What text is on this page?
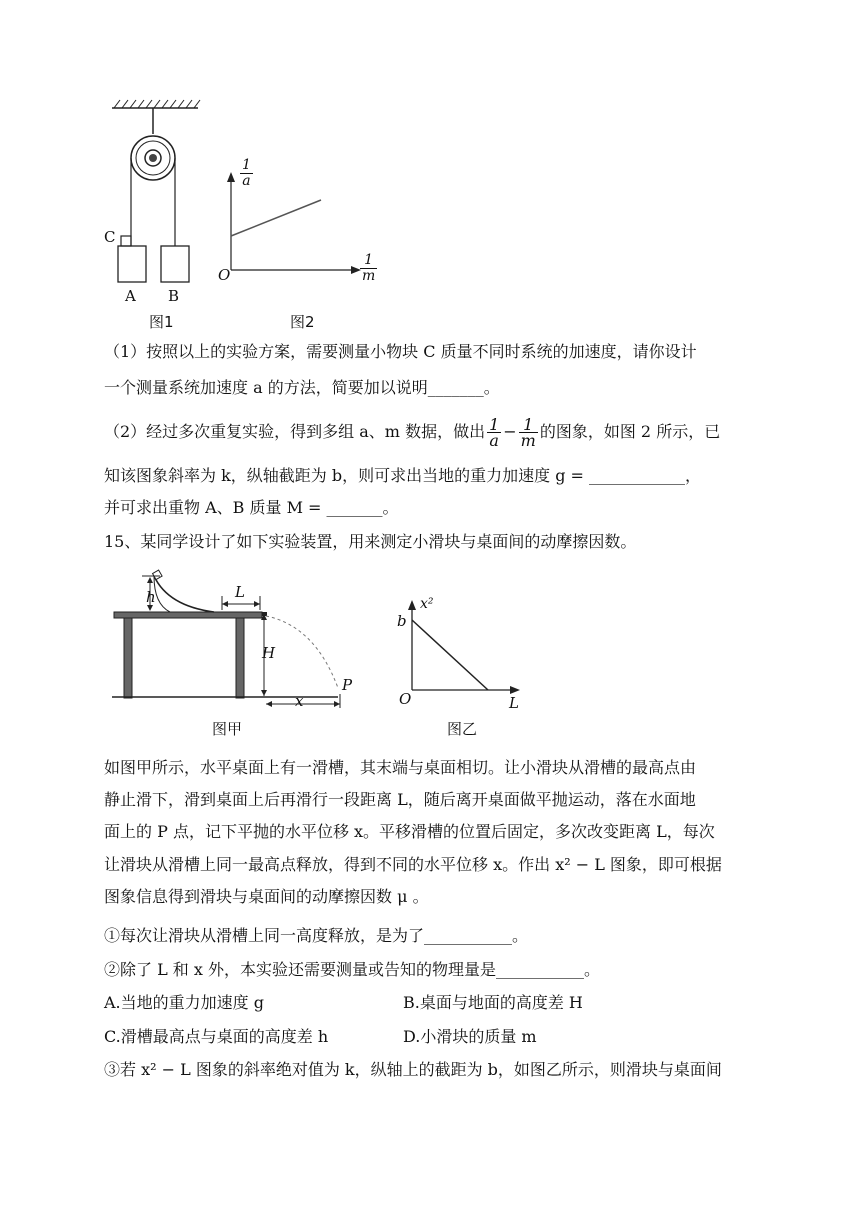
C
A B
图1
$\frac{1}{a}$
$\frac{1}{m}$
O
图2
（1）按照以上的实验方案，需要测量小物块 C 质量不同时系统的加速度，请你设计
一个测量系统加速度 a 的方法，简要加以说明_______。
（2）经过多次重复实验，得到多组 a、m 数据，做出 $\frac{1}{a} - \frac{1}{m}$ 的图象，如图 2 所示，已
知该图象斜率为 k，纵轴截距为 b，则可求出当地的重力加速度 g = ____________，
并可求出重物 A、B 质量 M = _______。
15、某同学设计了如下实验装置，用来测定小滑块与桌面间的动摩擦因数。
h	L
H
x
P
图甲
x²
b
O	L
图乙
如图甲所示，水平桌面上有一滑槽，其末端与桌面相切。让小滑块从滑槽的最高点由
静止滑下，滑到桌面上后再滑行一段距离 L，随后离开桌面做平抛运动，落在水面地
面上的 P 点，记下平抛的水平位移 x。平移滑槽的位置后固定，多次改变距离 L，每次
让滑块从滑槽上同一最高点释放，得到不同的水平位移 x。作出 x² − L 图象，即可根据
图象信息得到滑块与桌面间的动摩擦因数 μ 。
①每次让滑块从滑槽上同一高度释放，是为了___________。
②除了 L 和 x 外，本实验还需要测量或告知的物理量是___________。
A.当地的重力加速度 g	B.桌面与地面的高度差 H
C.滑槽最高点与桌面的高度差 h	D.小滑块的质量 m
③若 x² − L 图象的斜率绝对值为 k，纵轴上的截距为 b，如图乙所示，则滑块与桌面间
